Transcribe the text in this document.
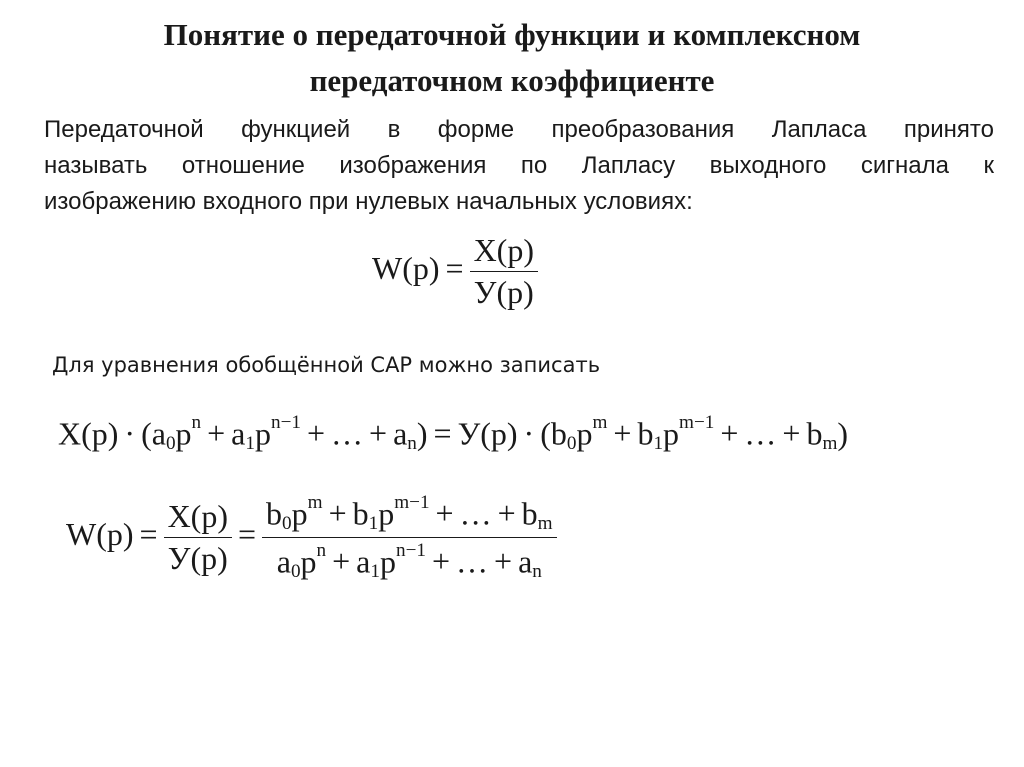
Понятие о передаточной функции и комплексном
передаточном коэффициенте
Передаточной функцией в форме преобразования Лапласа принято
называть отношение изображения по Лапласу выходного сигнала к
изображению входного при нулевых начальных условиях:
$W(p) = \frac{X(p)}{У(p)}$

Для уравнения обобщённой САР можно записать

$X(p) \cdot (a_0p^n + a_1p^{n-1}$ + … + $a_n) = У(p) \cdot (b_0p^m + b_1p^{m-1}$ + … + $b_m$)
$W(p) = \frac{X(p)}{У(p)} = \frac{b_0p^m + b_1p^{m-1} + \dots + b_m}{a_0p^n + a_1p^{n-1} + \dots + a_n}$
